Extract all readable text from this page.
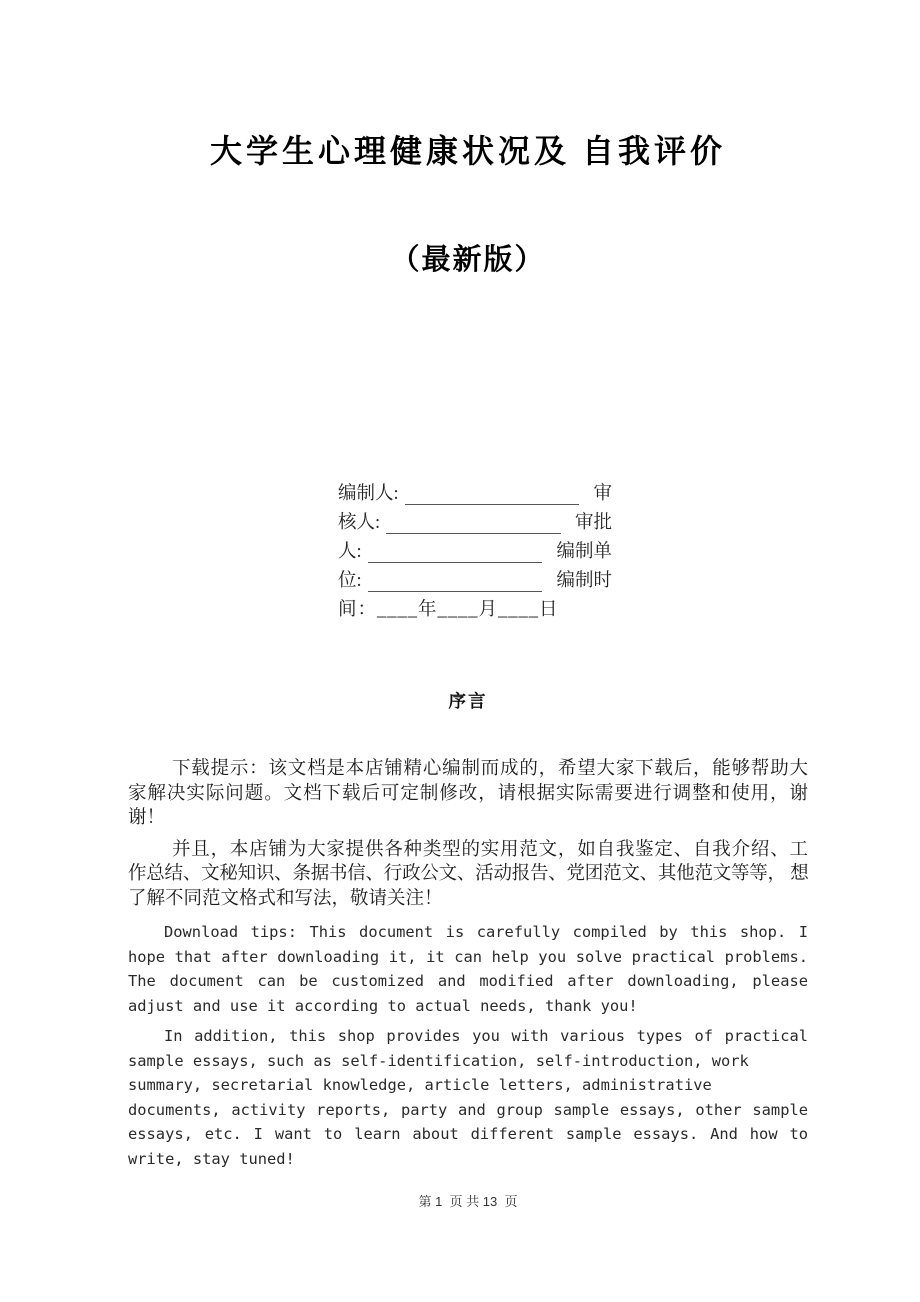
大学生心理健康状况及 自我评价
（最新版）
编制人:	审
核人:	审批
人:	编制单
位:	编制时
间：____年____月____日
序言
下载提示：该文档是本店铺精心编制而成的，希望大家下载后，能够帮助大
家解决实际问题。文档下载后可定制修改，请根据实际需要进行调整和使用，谢
谢！
并且，本店铺为大家提供各种类型的实用范文，如自我鉴定、自我介绍、工
作总结、文秘知识、条据书信、行政公文、活动报告、党团范文、其他范文等等， 想
了解不同范文格式和写法，敬请关注！
Download tips: This document is carefully compiled by this shop. I
hope that after downloading it, it can help you solve practical problems.
The document can be customized and modified after downloading, please
adjust and use it according to actual needs, thank you!
In addition, this shop provides you with various types of practical
sample essays, such as self-identification, self-introduction, work
summary, secretarial knowledge, article letters, administrative
documents, activity reports, party and group sample essays, other sample
essays, etc. I want to learn about different sample essays. And how to
write, stay tuned!
第 1  页 共 13  页
